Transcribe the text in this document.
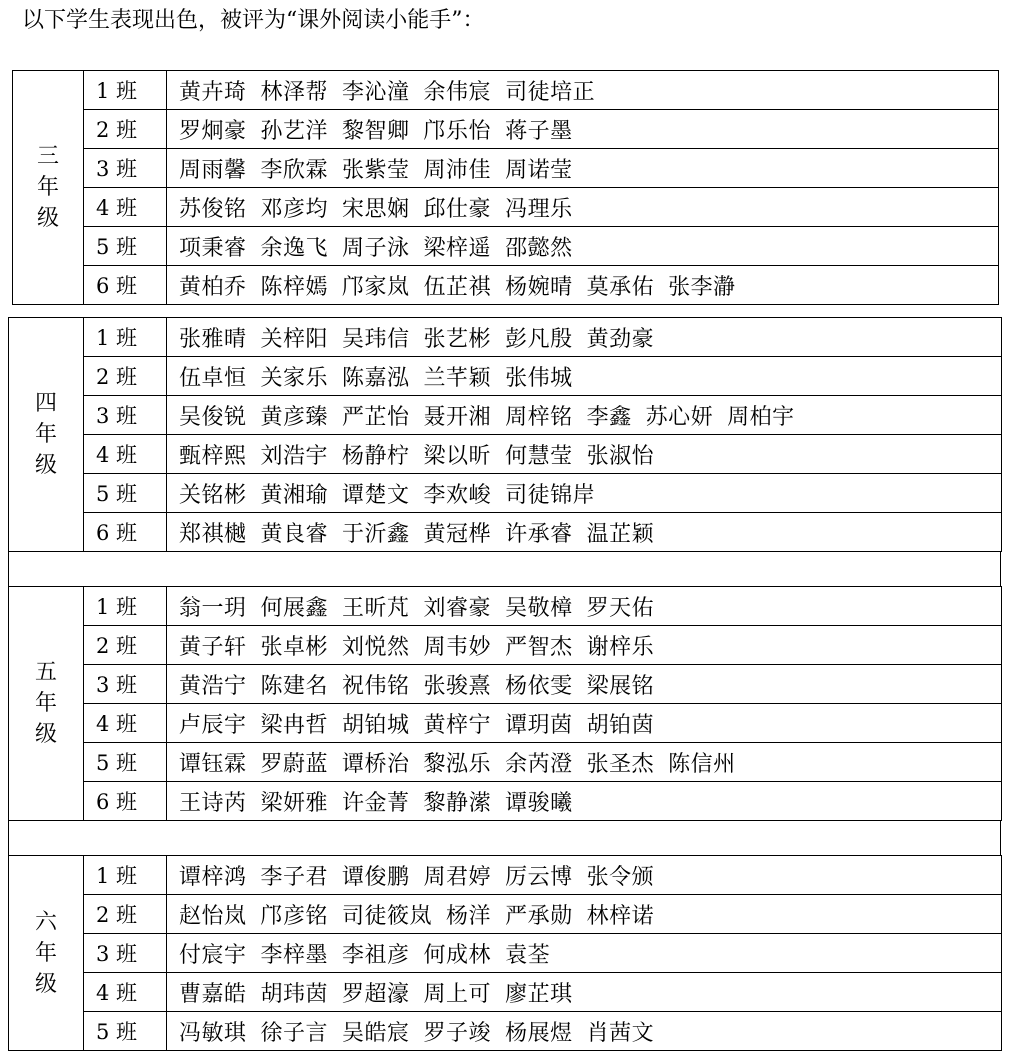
以下学生表现出色，被评为“课外阅读小能手”：
三
年
级	1 班	黄卉琦 林泽帮 李沁潼 余伟宸 司徒培正
	2 班	罗炯豪 孙艺洋 黎智卿 邝乐怡 蒋子墨
	3 班	周雨馨 李欣霖 张紫莹 周沛佳 周诺莹
	4 班	苏俊铭 邓彦均 宋思娴 邱仕豪 冯理乐
	5 班	项秉睿 余逸飞 周子泳 梁梓遥 邵懿然
	6 班	黄柏乔 陈梓嫣 邝家岚 伍芷祺 杨婉晴 莫承佑 张李瀞
四
年
级	1 班	张雅晴 关梓阳 吴玮信 张艺彬 彭凡殷 黄劲豪
	2 班	伍卓恒 关家乐 陈嘉泓 兰芊颖 张伟城
	3 班	吴俊锐 黄彦臻 严芷怡 聂开湘 周梓铭 李鑫 苏心妍 周柏宇
	4 班	甄梓熙 刘浩宇 杨静柠 梁以昕 何慧莹 张淑怡
	5 班	关铭彬 黄湘瑜 谭楚文 李欢峻 司徒锦岸
	6 班	郑祺樾 黄良睿 于沂鑫 黄冠桦 许承睿 温芷颖
五
年
级	1 班	翁一玥 何展鑫 王昕芃 刘睿豪 吴敬樟 罗天佑
	2 班	黄子轩 张卓彬 刘悦然 周韦妙 严智杰 谢梓乐
	3 班	黄浩宁 陈建名 祝伟铭 张骏熹 杨依雯 梁展铭
	4 班	卢辰宇 梁冉哲 胡铂城 黄梓宁 谭玥茵 胡铂茵
	5 班	谭钰霖 罗蔚蓝 谭桥治 黎泓乐 余芮澄 张圣杰 陈信州
	6 班	王诗芮 梁妍雅 许金菁 黎静潆 谭骏曦
六
年
级	1 班	谭梓鸿 李子君 谭俊鹏 周君婷 厉云博 张令颁
	2 班	赵怡岚 邝彦铭 司徒筱岚 杨洋 严承勋 林梓诺
	3 班	付宸宇 李梓墨 李祖彦 何成林 袁荃
	4 班	曹嘉皓 胡玮茵 罗超濠 周上可 廖芷琪
	5 班	冯敏琪 徐子言 吴皓宸 罗子竣 杨展煜 肖茜文
